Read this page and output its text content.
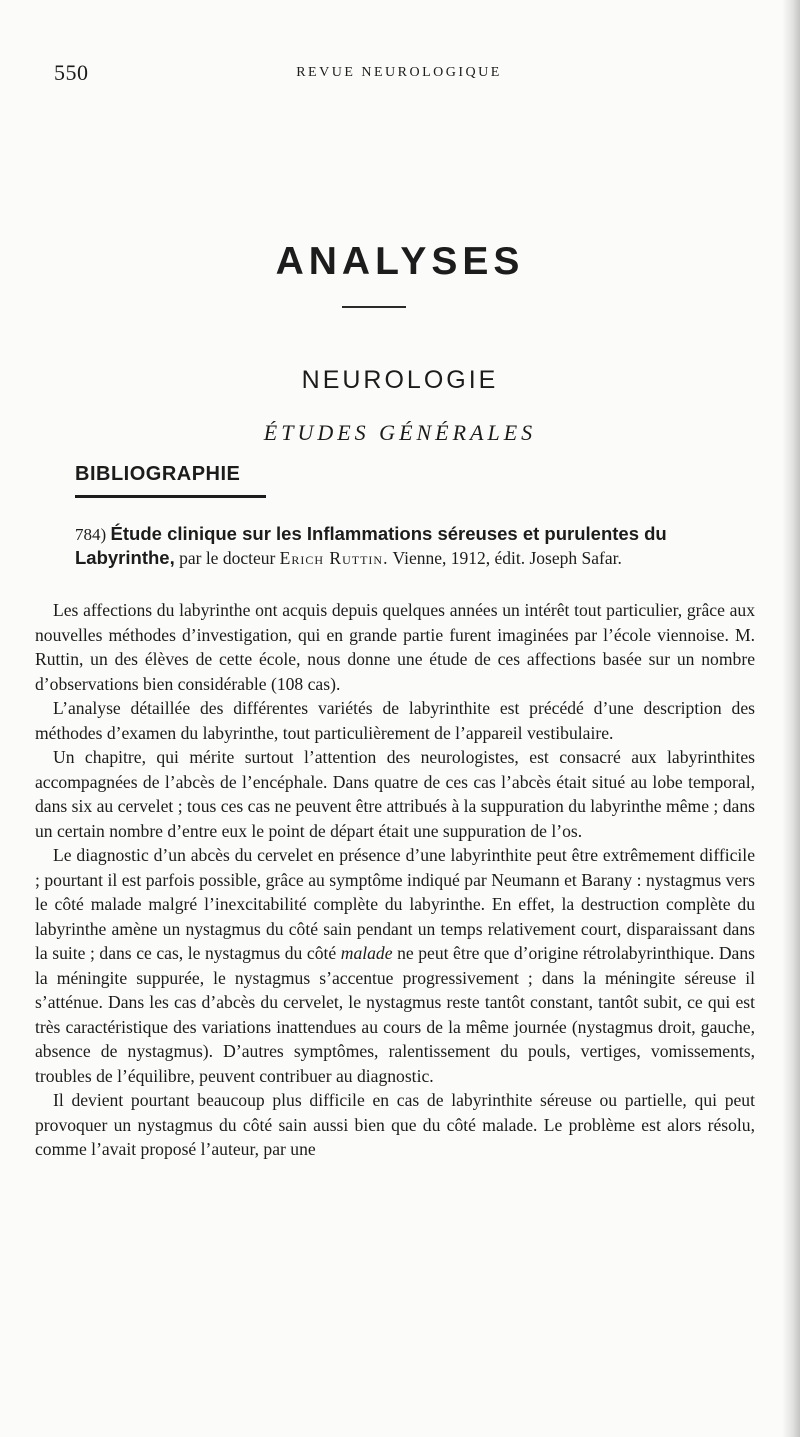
550	REVUE NEUROLOGIQUE
ANALYSES
NEUROLOGIE
ÉTUDES GÉNÉRALES
BIBLIOGRAPHIE
784) Étude clinique sur les Inflammations séreuses et purulentes du Labyrinthe, par le docteur Erich Ruttin. Vienne, 1912, édit. Joseph Safar.

Les affections du labyrinthe ont acquis depuis quelques années un intérêt tout particulier, grâce aux nouvelles méthodes d’investigation, qui en grande partie furent imaginées par l’école viennoise. M. Ruttin, un des élèves de cette école, nous donne une étude de ces affections basée sur un nombre d’observations bien considérable (108 cas).

L’analyse détaillée des différentes variétés de labyrinthite est précédé d’une description des méthodes d’examen du labyrinthe, tout particulièrement de l’appareil vestibulaire.

Un chapitre, qui mérite surtout l’attention des neurologistes, est consacré aux labyrinthites accompagnées de l’abcès de l’encéphale. Dans quatre de ces cas l’abcès était situé au lobe temporal, dans six au cervelet ; tous ces cas ne peuvent être attribués à la suppuration du labyrinthe même ; dans un certain nombre d’entre eux le point de départ était une suppuration de l’os.

Le diagnostic d’un abcès du cervelet en présence d’une labyrinthite peut être extrêmement difficile ; pourtant il est parfois possible, grâce au symptôme indiqué par Neumann et Barany : nystagmus vers le côté malade malgré l’inexcitabilité complète du labyrinthe. En effet, la destruction complète du labyrinthe amène un nystagmus du côté sain pendant un temps relativement court, disparaissant dans la suite ; dans ce cas, le nystagmus du côté malade ne peut être que d’origine rétrolabyrinthique. Dans la méningite suppurée, le nystagmus s’accentue progressivement ; dans la méningite séreuse il s’atténue. Dans les cas d’abcès du cervelet, le nystagmus reste tantôt constant, tantôt subit, ce qui est très caractéristique des variations inattendues au cours de la même journée (nystagmus droit, gauche, absence de nystagmus). D’autres symptômes, ralentissement du pouls, vertiges, vomissements, troubles de l’équilibre, peuvent contribuer au diagnostic.

Il devient pourtant beaucoup plus difficile en cas de labyrinthite séreuse ou partielle, qui peut provoquer un nystagmus du côté sain aussi bien que du côté malade. Le problème est alors résolu, comme l’avait proposé l’auteur, par une
